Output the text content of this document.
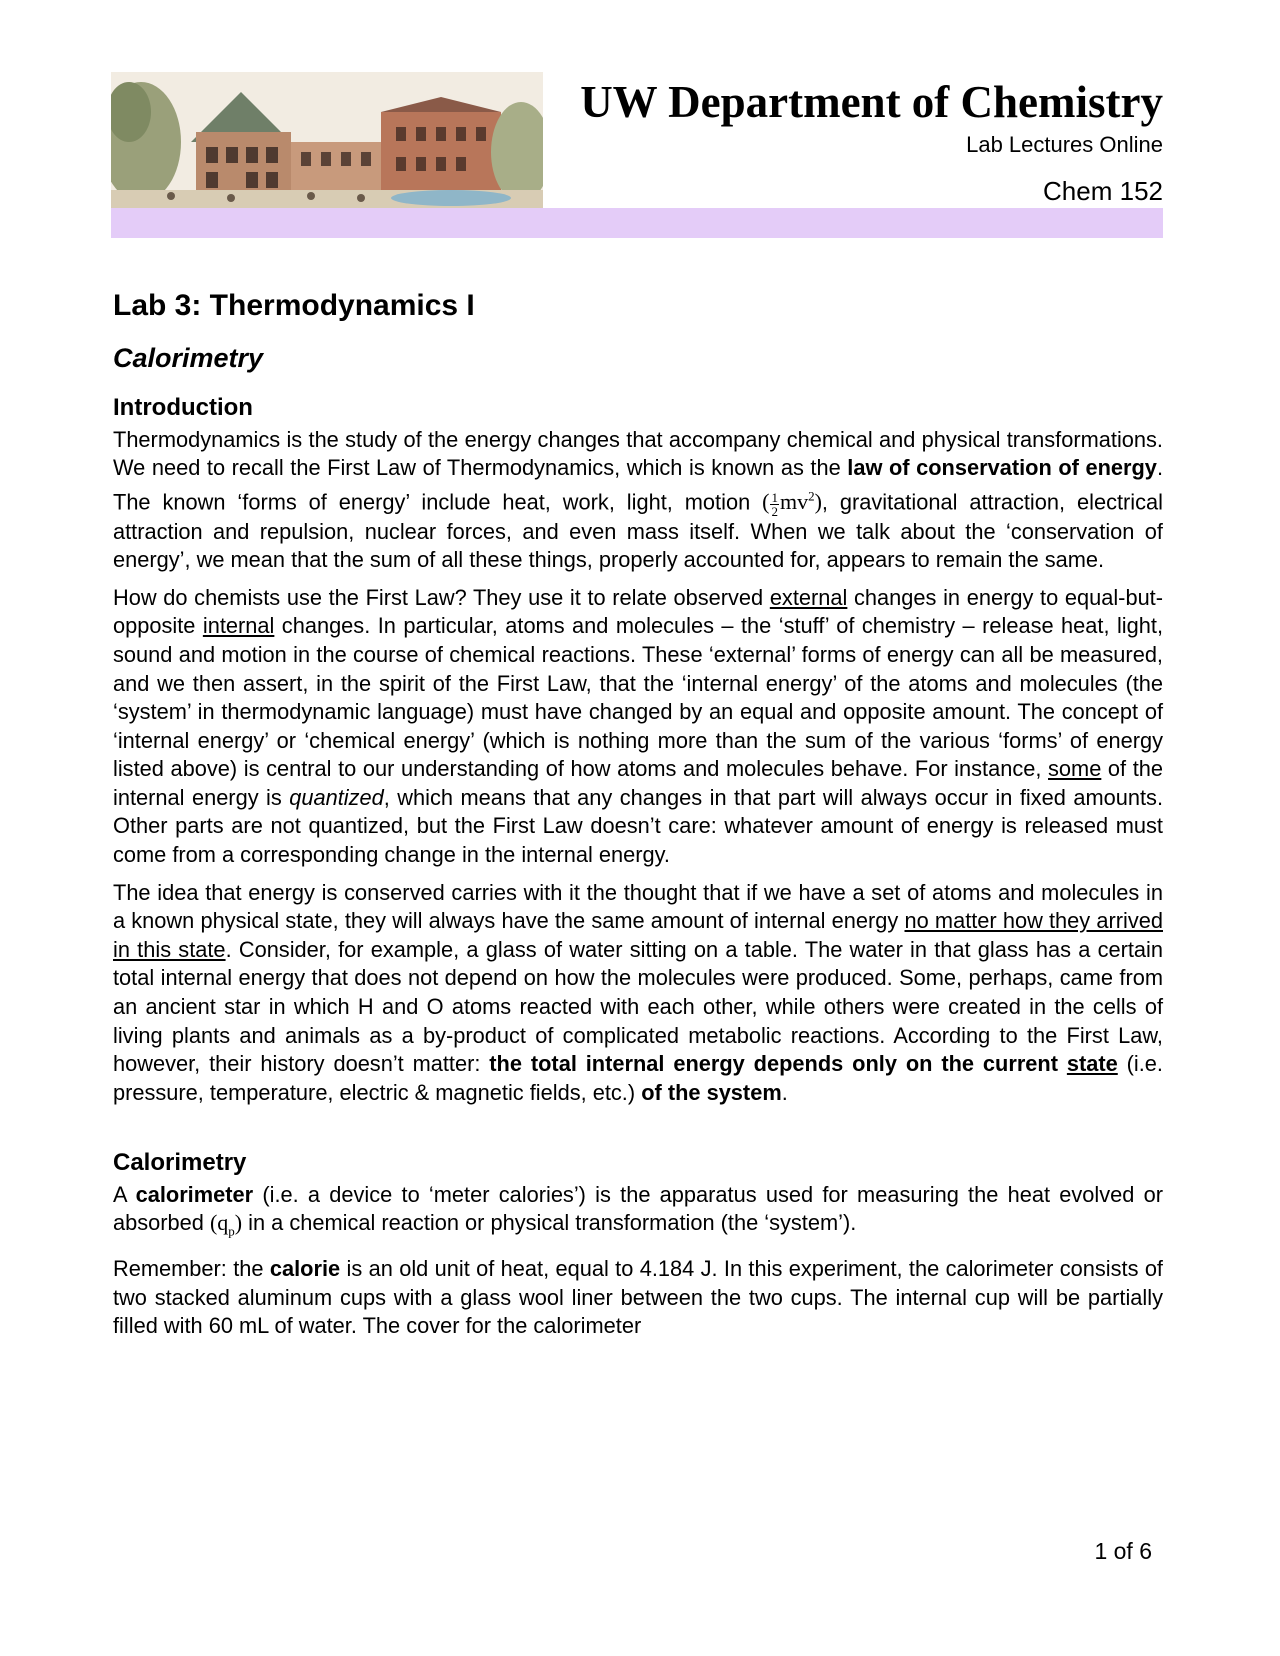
UW Department of Chemistry
Lab Lectures Online
Chem 152
Lab 3: Thermodynamics I
Calorimetry
Introduction

Thermodynamics is the study of the energy changes that accompany chemical and physical transformations. We need to recall the First Law of Thermodynamics, which is known as the law of conservation of energy. The known ‘forms of energy’ include heat, work, light, motion ( $\frac{1}{2} mv^2$), gravitational attraction, electrical attraction and repulsion, nuclear forces, and even mass itself. When we talk about the ‘conservation of energy’, we mean that the sum of all these things, properly accounted for, appears to remain the same.

How do chemists use the First Law? They use it to relate observed external changes in energy to equal-but-opposite internal changes. In particular, atoms and molecules – the ‘stuff’ of chemistry – release heat, light, sound and motion in the course of chemical reactions. These ‘external’ forms of energy can all be measured, and we then assert, in the spirit of the First Law, that the ‘internal energy’ of the atoms and molecules (the ‘system’ in thermodynamic language) must have changed by an equal and opposite amount. The concept of ‘internal energy’ or ‘chemical energy’ (which is nothing more than the sum of the various ‘forms’ of energy listed above) is central to our understanding of how atoms and molecules behave. For instance, some of the internal energy is quantized, which means that any changes in that part will always occur in fixed amounts. Other parts are not quantized, but the First Law doesn’t care: whatever amount of energy is released must come from a corresponding change in the internal energy.

The idea that energy is conserved carries with it the thought that if we have a set of atoms and molecules in a known physical state, they will always have the same amount of internal energy no matter how they arrived in this state. Consider, for example, a glass of water sitting on a table. The water in that glass has a certain total internal energy that does not depend on how the molecules were produced. Some, perhaps, came from an ancient star in which H and O atoms reacted with each other, while others were created in the cells of living plants and animals as a by-product of complicated metabolic reactions. According to the First Law, however, their history doesn’t matter: the total internal energy depends only on the current state (i.e. pressure, temperature, electric & magnetic fields, etc.) of the system.

Calorimetry

A calorimeter (i.e. a device to ‘meter calories’) is the apparatus used for measuring the heat evolved or absorbed $(q_p)$ in a chemical reaction or physical transformation (the ‘system’).

Remember: the calorie is an old unit of heat, equal to 4.184 J. In this experiment, the calorimeter consists of two stacked aluminum cups with a glass wool liner between the two cups. The internal cup will be partially filled with 60 mL of water. The cover for the calorimeter

1 of 6
